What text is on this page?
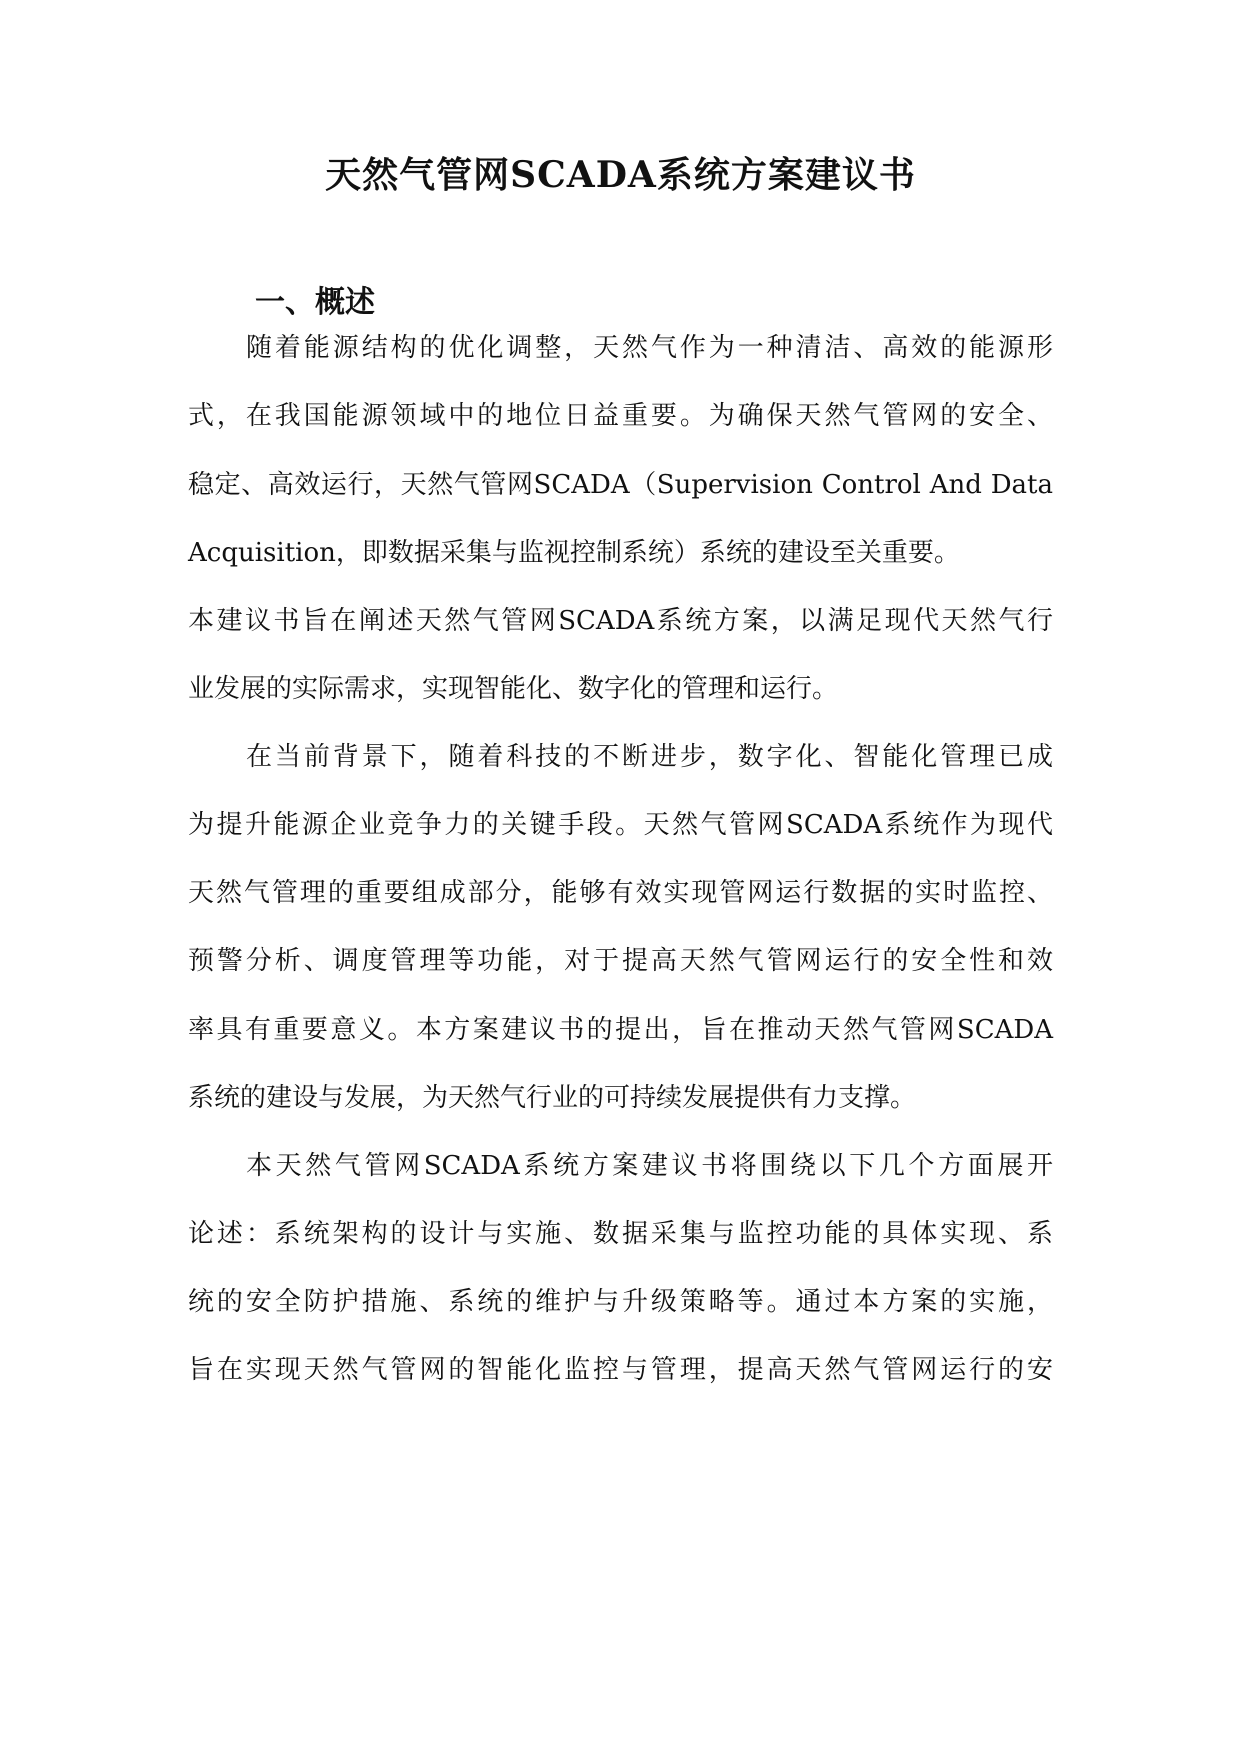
天然气管网SCADA系统方案建议书
一、概述
随着能源结构的优化调整，天然气作为一种清洁、高效的能源形
式，在我国能源领域中的地位日益重要。为确保天然气管网的安全、
稳定、高效运行，天然气管网SCADA（Supervision Control And Data
Acquisition，即数据采集与监视控制系统）系统的建设至关重要。
本建议书旨在阐述天然气管网SCADA系统方案，以满足现代天然气行
业发展的实际需求，实现智能化、数字化的管理和运行。
在当前背景下，随着科技的不断进步，数字化、智能化管理已成
为提升能源企业竞争力的关键手段。天然气管网SCADA系统作为现代
天然气管理的重要组成部分，能够有效实现管网运行数据的实时监控、
预警分析、调度管理等功能，对于提高天然气管网运行的安全性和效
率具有重要意义。本方案建议书的提出，旨在推动天然气管网SCADA
系统的建设与发展，为天然气行业的可持续发展提供有力支撑。
本天然气管网SCADA系统方案建议书将围绕以下几个方面展开
论述：系统架构的设计与实施、数据采集与监控功能的具体实现、系
统的安全防护措施、系统的维护与升级策略等。通过本方案的实施，
旨在实现天然气管网的智能化监控与管理，提高天然气管网运行的安
